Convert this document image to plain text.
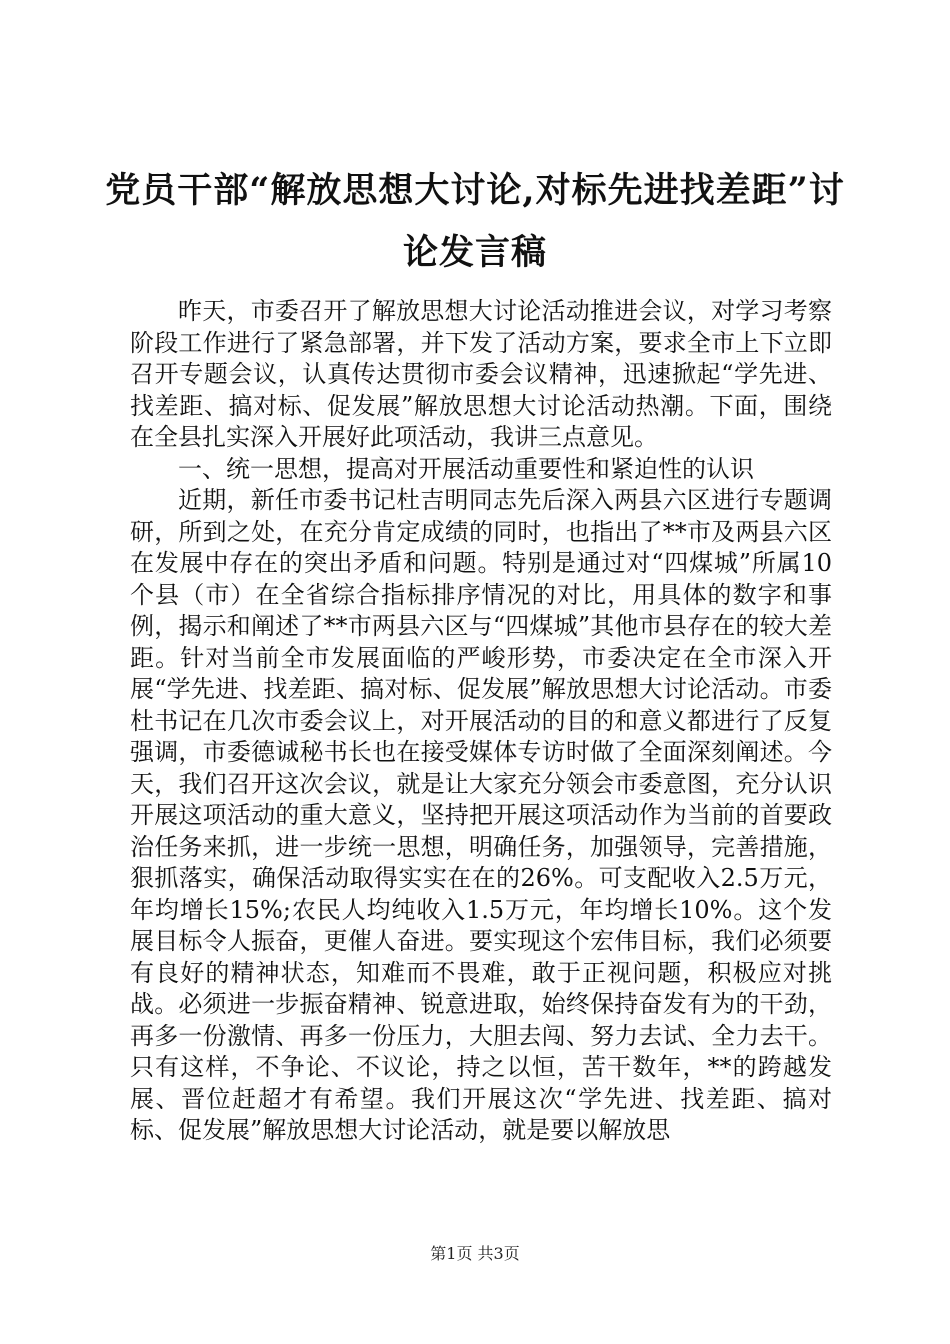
党员干部“解放思想大讨论,对标先进找差距”讨论发言稿

昨天，市委召开了解放思想大讨论活动推进会议，对学习考察阶段工作进行了紧急部署，并下发了活动方案，要求全市上下立即召开专题会议，认真传达贯彻市委会议精神，迅速掀起“学先进、找差距、搞对标、促发展”解放思想大讨论活动热潮。下面，围绕在全县扎实深入开展好此项活动，我讲三点意见。

一、统一思想，提高对开展活动重要性和紧迫性的认识

近期，新任市委书记杜吉明同志先后深入两县六区进行专题调研，所到之处，在充分肯定成绩的同时，也指出了**市及两县六区在发展中存在的突出矛盾和问题。特别是通过对“四煤城”所属10个县（市）在全省综合指标排序情况的对比，用具体的数字和事例，揭示和阐述了**市两县六区与“四煤城”其他市县存在的较大差距。针对当前全市发展面临的严峻形势，市委决定在全市深入开展“学先进、找差距、搞对标、促发展”解放思想大讨论活动。市委杜书记在几次市委会议上，对开展活动的目的和意义都进行了反复强调，市委德诚秘书长也在接受媒体专访时做了全面深刻阐述。今天，我们召开这次会议，就是让大家充分领会市委意图，充分认识开展这项活动的重大意义，坚持把开展这项活动作为当前的首要政治任务来抓，进一步统一思想，明确任务，加强领导，完善措施，狠抓落实，确保活动取得实实在在的26%。可支配收入2.5万元，年均增长15%;农民人均纯收入1.5万元，年均增长10%。这个发展目标令人振奋，更催人奋进。要实现这个宏伟目标，我们必须要有良好的精神状态，知难而不畏难，敢于正视问题，积极应对挑战。必须进一步振奋精神、锐意进取，始终保持奋发有为的干劲，再多一份激情、再多一份压力，大胆去闯、努力去试、全力去干。只有这样，不争论、不议论，持之以恒，苦干数年，**的跨越发展、晋位赶超才有希望。我们开展这次“学先进、找差距、搞对标、促发展”解放思想大讨论活动，就是要以解放思

第1页 共3页
